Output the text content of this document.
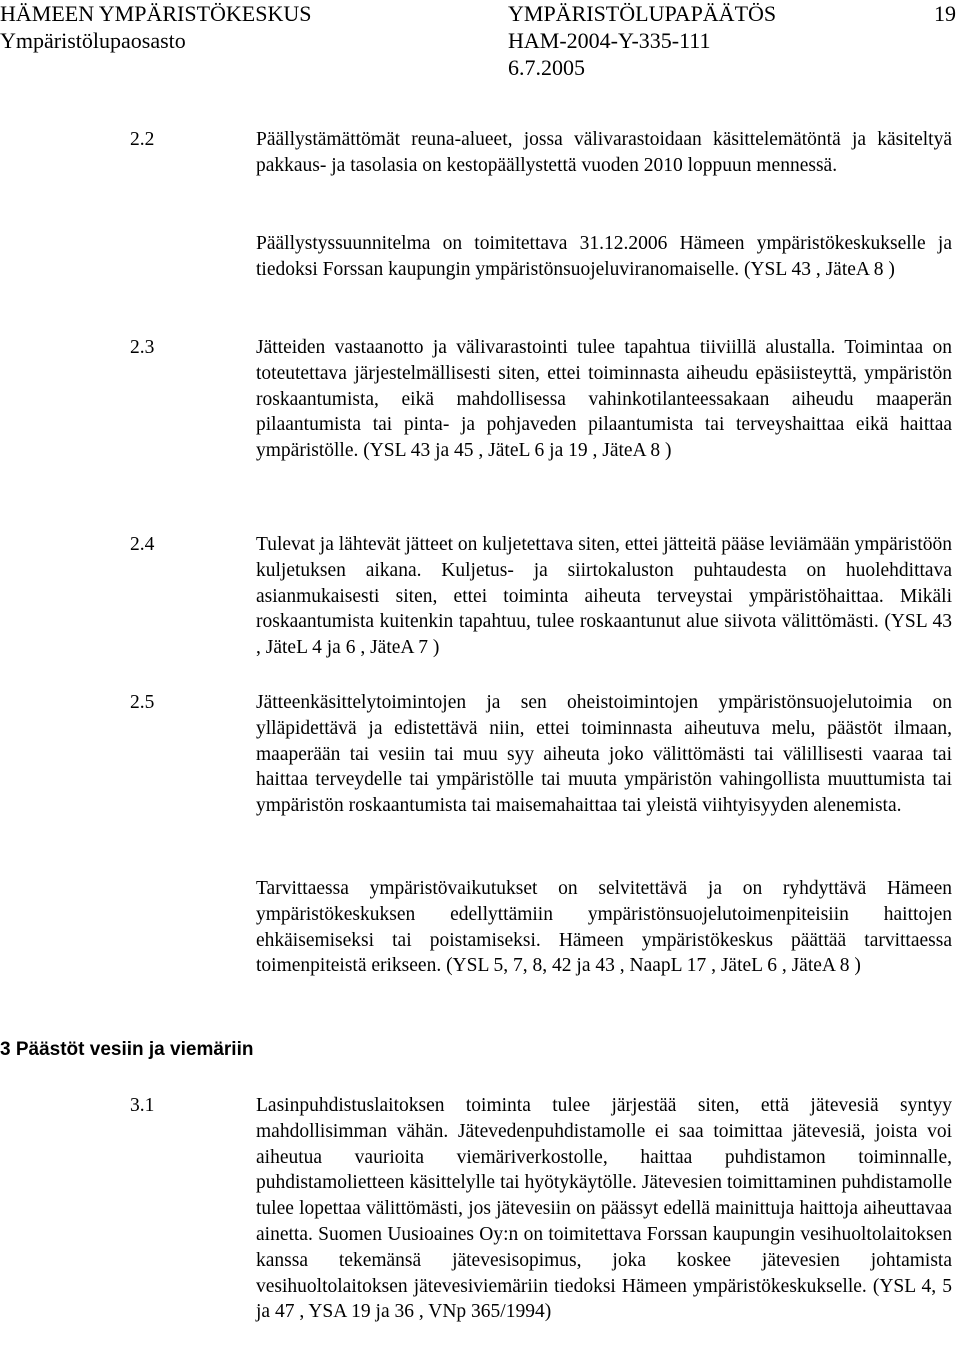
HÄMEEN YMPÄRISTÖKESKUS
Ympäristölupaosasto
YMPÄRISTÖLUPAPÄÄTÖS
HAM-2004-Y-335-111
6.7.2005
19
2.2	Päällystämättömät reuna-alueet, jossa välivarastoidaan käsittelemätöntä ja käsiteltyä pakkaus- ja tasolasia on kestopäällystettä vuoden 2010 loppuun mennessä.
Päällystyssuunnitelma on toimitettava 31.12.2006 Hämeen ympäristökeskukselle ja tiedoksi Forssan kaupungin ympäristönsuojeluviranomaiselle. (YSL 43 , JäteA 8 )
2.3	Jätteiden vastaanotto ja välivarastointi tulee tapahtua tiiviillä alustalla. Toimintaa on toteutettava järjestelmällisesti siten, ettei toiminnasta aiheudu epäsiisteyttä, ympäristön roskaantumista, eikä mahdollisessa vahinkotilanteessakaan aiheudu maaperän pilaantumista tai pinta- ja pohjaveden pilaantumista tai terveyshaittaa eikä haittaa ympäristölle. (YSL 43 ja 45 , JäteL 6 ja 19 , JäteA 8 )
2.4	Tulevat ja lähtevät jätteet on kuljetettava siten, ettei jätteitä pääse leviämään ympäristöön kuljetuksen aikana. Kuljetus- ja siirtokaluston puhtaudesta on huolehdittava asianmukaisesti siten, ettei toiminta aiheuta terveystai ympäristöhaittaa. Mikäli roskaantumista kuitenkin tapahtuu, tulee roskaantunut alue siivota välittömästi. (YSL 43 , JäteL 4 ja 6 , JäteA 7 )
2.5	Jätteenkäsittelytoimintojen ja sen oheistoimintojen ympäristönsuojelutoimia on ylläpidettävä ja edistettävä niin, ettei toiminnasta aiheutuva melu, päästöt ilmaan, maaperään tai vesiin tai muu syy aiheuta joko välittömästi tai välillisesti vaaraa tai haittaa terveydelle tai ympäristölle tai muuta ympäristön vahingollista muuttumista tai ympäristön roskaantumista tai maisemahaittaa tai yleistä viihtyisyyden alenemista.
Tarvittaessa ympäristövaikutukset on selvitettävä ja on ryhdyttävä Hämeen ympäristökeskuksen edellyttämiin ympäristönsuojelutoimenpiteisiin haittojen ehkäisemiseksi tai poistamiseksi. Hämeen ympäristökeskus päättää tarvittaessa toimenpiteistä erikseen. (YSL 5, 7, 8, 42 ja 43 , NaapL 17 , JäteL 6 , JäteA 8 )
3 Päästöt vesiin ja viemäriin
3.1	Lasinpuhdistuslaitoksen toiminta tulee järjestää siten, että jätevesiä syntyy mahdollisimman vähän. Jätevedenpuhdistamolle ei saa toimittaa jätevesiä, joista voi aiheutua vaurioita viemäriverkostolle, haittaa puhdistamon toiminnalle, puhdistamolietteen käsittelylle tai hyötykäytölle. Jätevesien toimittaminen puhdistamolle tulee lopettaa välittömästi, jos jätevesiin on päässyt edellä mainittuja haittoja aiheuttavaa ainetta. Suomen Uusioaines Oy:n on toimitettava Forssan kaupungin vesihuoltolaitoksen kanssa tekemänsä jätevesisopimus, joka koskee jätevesien johtamista vesihuoltolaitoksen jätevesiviemäriin tiedoksi Hämeen ympäristökeskukselle. (YSL 4, 5 ja 47 , YSA 19 ja 36 , VNp 365/1994)
